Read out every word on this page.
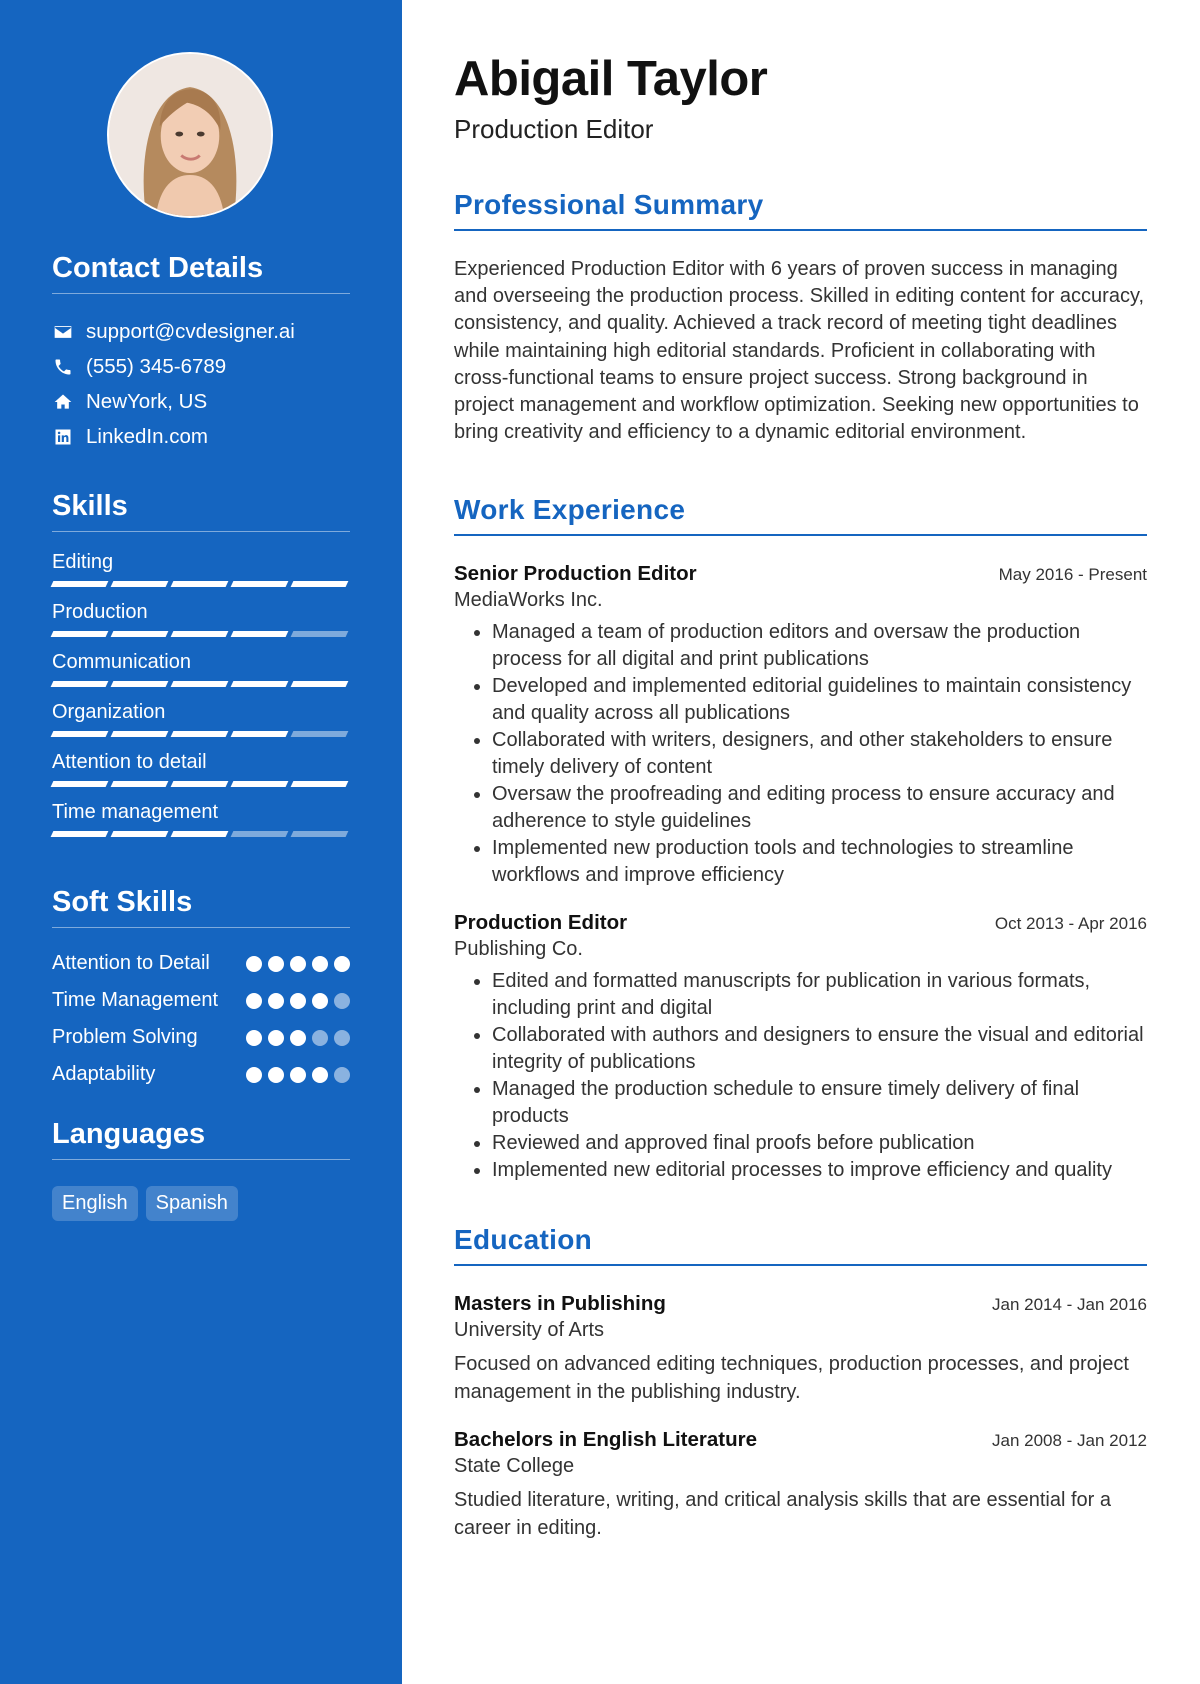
Contact Details
support@cvdesigner.ai
(555) 345-6789
NewYork, US
LinkedIn.com
Skills
Editing
Production
Communication
Organization
Attention to detail
Time management
Soft Skills
Attention to Detail
Time Management
Problem Solving
Adaptability
Languages
English	Spanish
Abigail Taylor
Production Editor
Professional Summary

Experienced Production Editor with 6 years of proven success in managing and overseeing the production process. Skilled in editing content for accuracy, consistency, and quality. Achieved a track record of meeting tight deadlines while maintaining high editorial standards. Proficient in collaborating with cross-functional teams to ensure project success. Strong background in project management and workflow optimization. Seeking new opportunities to bring creativity and efficiency to a dynamic editorial environment.

Work Experience
Senior Production Editor	May 2016 - Present
MediaWorks Inc.
• Managed a team of production editors and oversaw the production process for all digital and print publications
• Developed and implemented editorial guidelines to maintain consistency and quality across all publications
• Collaborated with writers, designers, and other stakeholders to ensure timely delivery of content
• Oversaw the proofreading and editing process to ensure accuracy and adherence to style guidelines
• Implemented new production tools and technologies to streamline workflows and improve efficiency
Production Editor	Oct 2013 - Apr 2016
Publishing Co.
• Edited and formatted manuscripts for publication in various formats, including print and digital
• Collaborated with authors and designers to ensure the visual and editorial integrity of publications
• Managed the production schedule to ensure timely delivery of final products
• Reviewed and approved final proofs before publication
• Implemented new editorial processes to improve efficiency and quality
Education
Masters in Publishing	Jan 2014 - Jan 2016
University of Arts

Focused on advanced editing techniques, production processes, and project management in the publishing industry.

Bachelors in English Literature	Jan 2008 - Jan 2012
State College

Studied literature, writing, and critical analysis skills that are essential for a career in editing.
